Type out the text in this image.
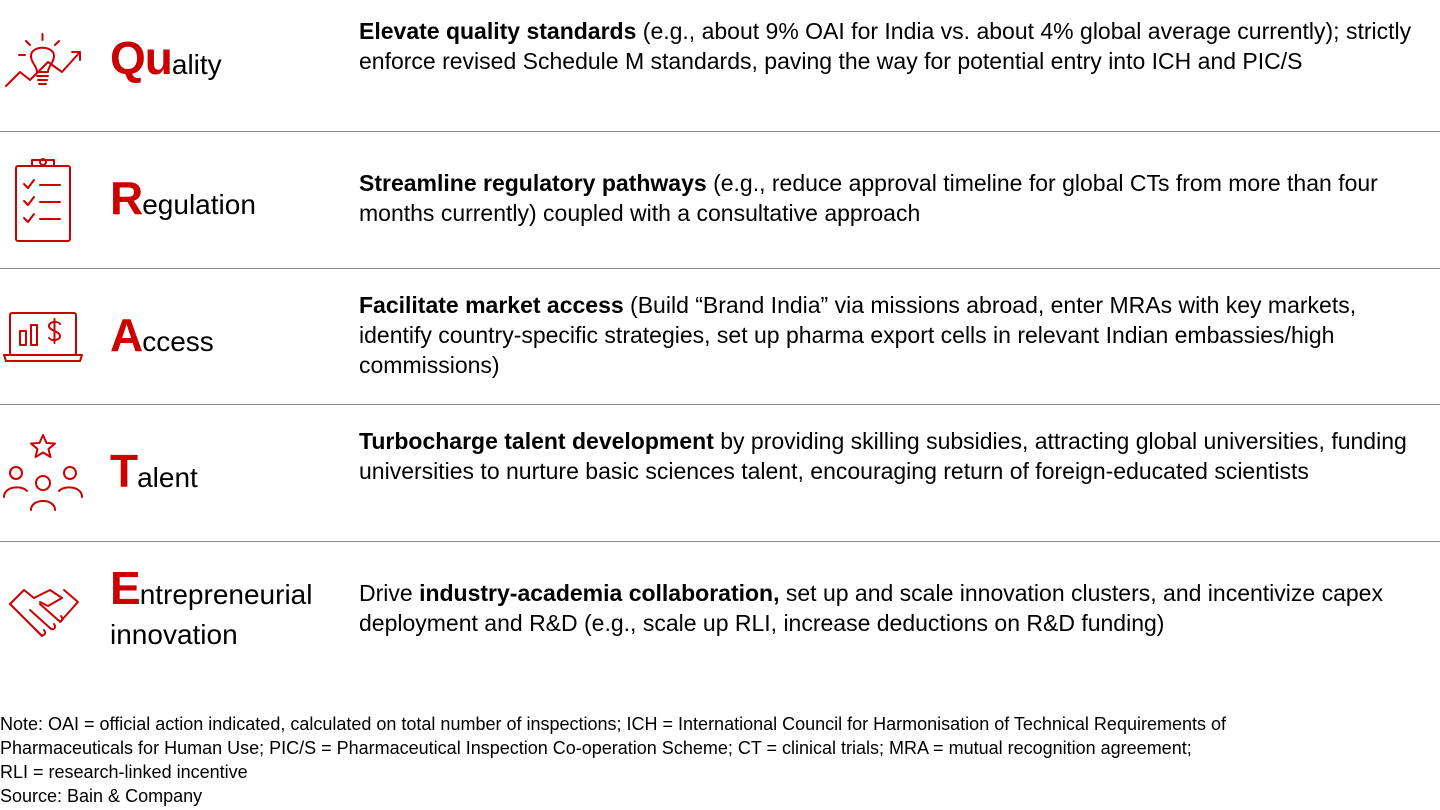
Quality
Elevate quality standards (e.g., about 9% OAI for India vs. about 4% global average currently); strictly enforce revised Schedule M standards, paving the way for potential entry into ICH and PIC/S
Regulation
Streamline regulatory pathways (e.g., reduce approval timeline for global CTs from more than four months currently) coupled with a consultative approach
Access
Facilitate market access (Build “Brand India” via missions abroad, enter MRAs with key markets, identify country-specific strategies, set up pharma export cells in relevant Indian embassies/high commissions)
Talent
Turbocharge talent development by providing skilling subsidies, attracting global universities, funding universities to nurture basic sciences talent, encouraging return of foreign-educated scientists
Entrepreneurial
innovation
Drive industry-academia collaboration, set up and scale innovation clusters, and incentivize capex deployment and R&D (e.g., scale up RLI, increase deductions on R&D funding)
Note: OAI = official action indicated, calculated on total number of inspections; ICH = International Council for Harmonisation of Technical Requirements of
Pharmaceuticals for Human Use; PIC/S = Pharmaceutical Inspection Co-operation Scheme; CT = clinical trials; MRA = mutual recognition agreement;
RLI = research-linked incentive
Source: Bain & Company
